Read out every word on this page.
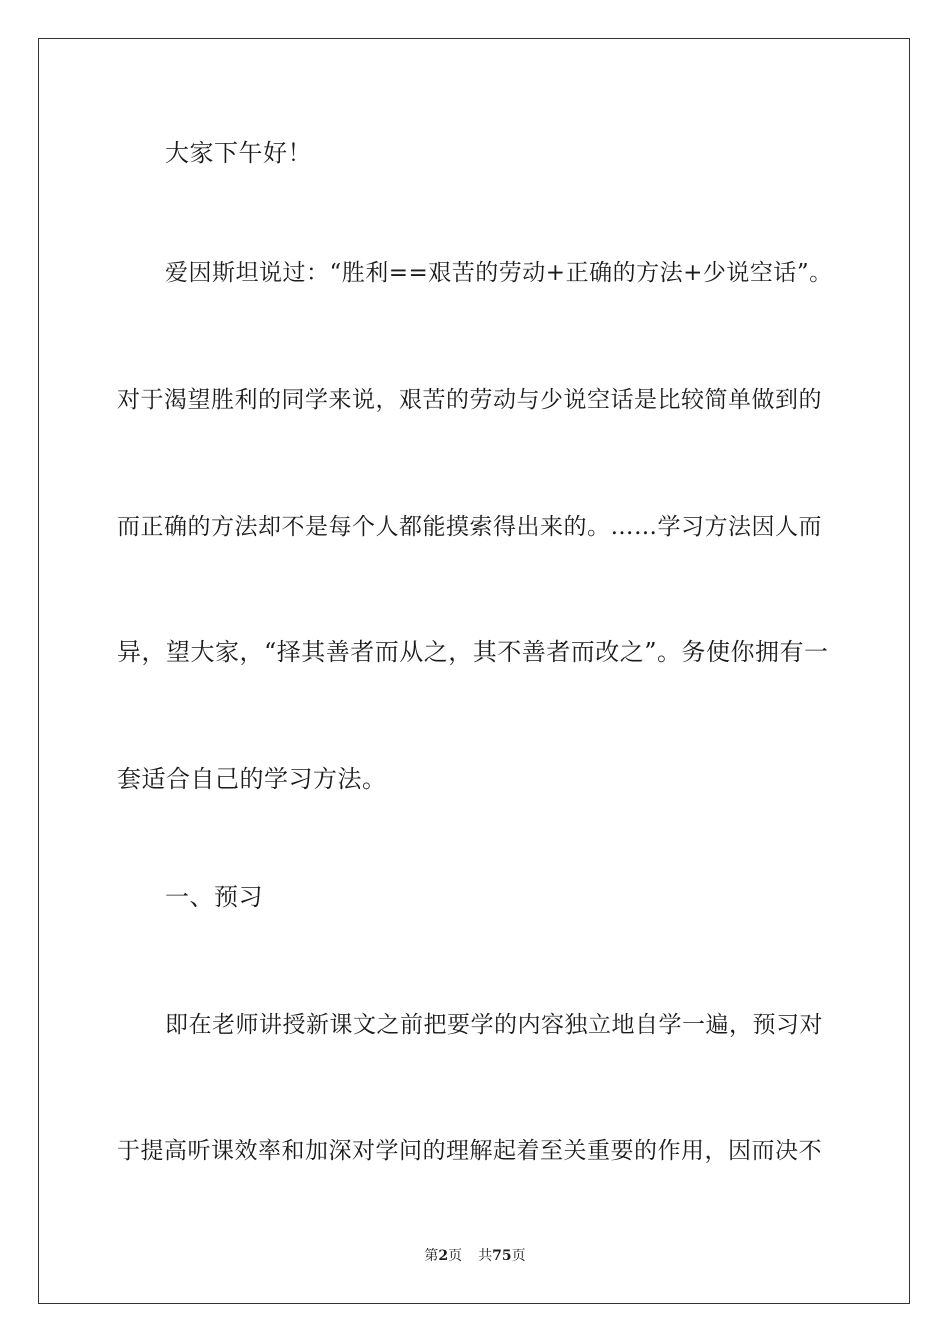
大家下午好！
爱因斯坦说过：“胜利==艰苦的劳动+正确的方法+少说空话”。
对于渴望胜利的同学来说，艰苦的劳动与少说空话是比较简单做到的
而正确的方法却不是每个人都能摸索得出来的。……学习方法因人而
异，望大家，“择其善者而从之，其不善者而改之”。务使你拥有一
套适合自己的学习方法。
一、预习
即在老师讲授新课文之前把要学的内容独立地自学一遍，预习对
于提高听课效率和加深对学问的理解起着至关重要的作用，因而决不
第2页 共75页
